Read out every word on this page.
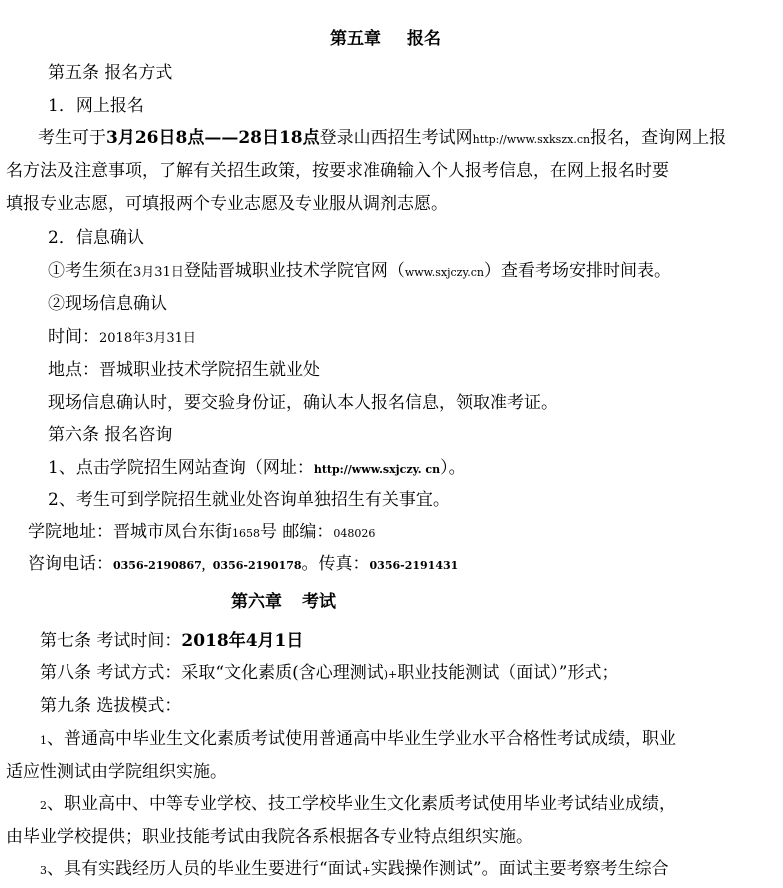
第五章 报名
第五条 报名方式
1．网上报名
考生可于3月26日8点——28日18点登录山西招生考试网http://www.sxkszx.cn报名，查询网上报
名方法及注意事项，了解有关招生政策，按要求准确输入个人报考信息，在网上报名时要
填报专业志愿，可填报两个专业志愿及专业服从调剂志愿。
2．信息确认
①考生须在3月31日登陆晋城职业技术学院官网（www.sxjczy.cn）查看考场安排时间表。
②现场信息确认
时间：2018年3月31日
地点：晋城职业技术学院招生就业处
现场信息确认时，要交验身份证，确认本人报名信息，领取准考证。
第六条 报名咨询
1、点击学院招生网站查询（网址：http://www.sxjczy. cn）。
2、考生可到学院招生就业处咨询单独招生有关事宜。
学院地址：晋城市凤台东街1658号 邮编：048026
咨询电话：0356-2190867，0356-2190178。传真：0356-2191431
第六章 考试
第七条 考试时间：2018年4月1日
第八条 考试方式：采取“文化素质(含心理测试)+职业技能测试（面试）”形式；
第九条 选拔模式：
1、普通高中毕业生文化素质考试使用普通高中毕业生学业水平合格性考试成绩，职业
适应性测试由学院组织实施。
2、职业高中、中等专业学校、技工学校毕业生文化素质考试使用毕业考试结业成绩，
由毕业学校提供；职业技能考试由我院各系根据各专业特点组织实施。
3、具有实践经历人员的毕业生要进行“面试+实践操作测试”。面试主要考察考生综合
